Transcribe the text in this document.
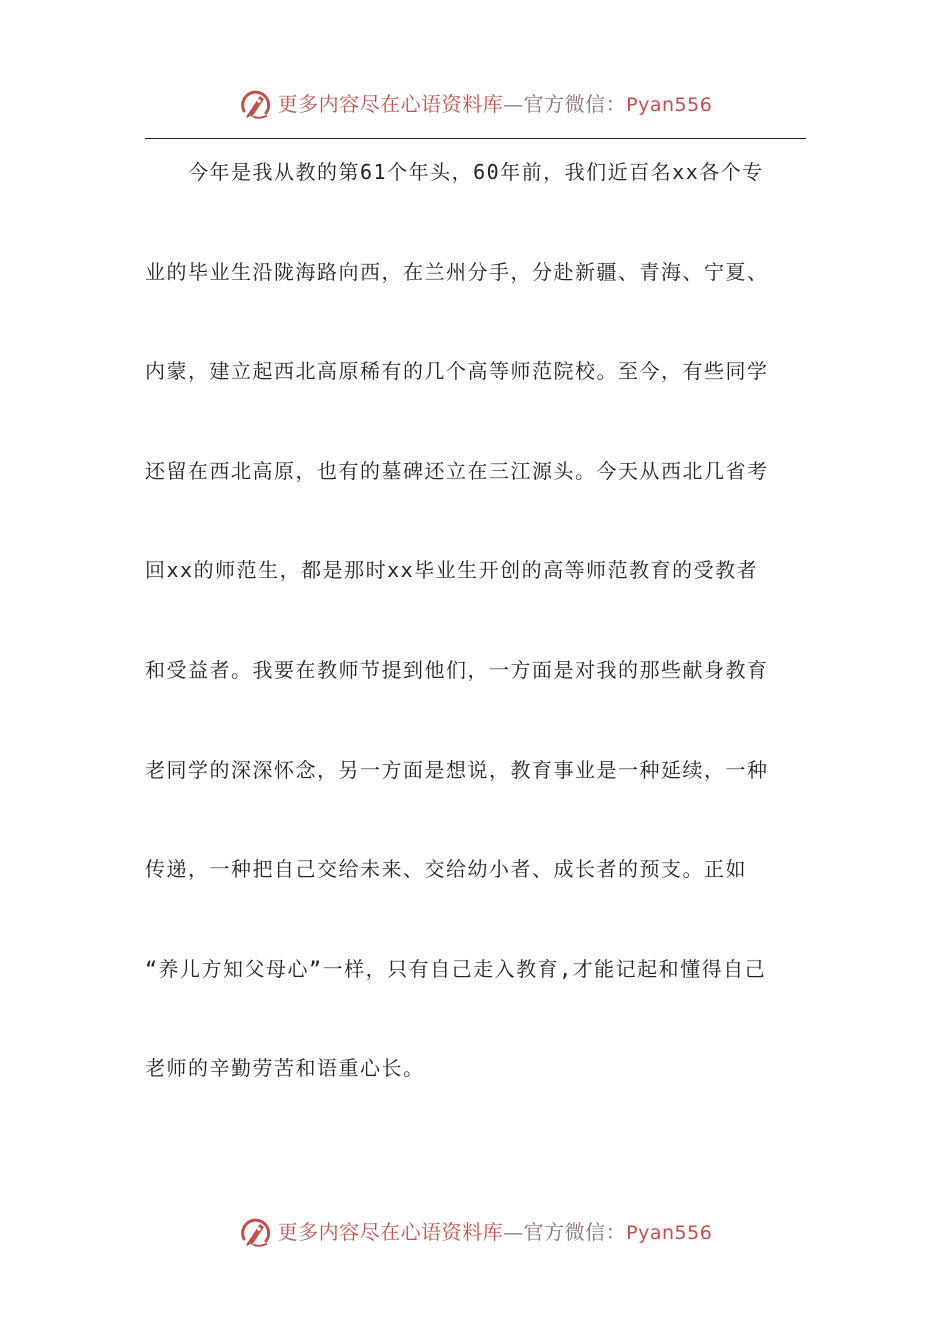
更多内容尽在心语资料库—官方微信：Pyan556
　　今年是我从教的第61个年头，60年前，我们近百名xx各个专
业的毕业生沿陇海路向西，在兰州分手，分赴新疆、青海、宁夏、
内蒙，建立起西北高原稀有的几个高等师范院校。至今，有些同学
还留在西北高原，也有的墓碑还立在三江源头。今天从西北几省考
回xx的师范生，都是那时xx毕业生开创的高等师范教育的受教者
和受益者。我要在教师节提到他们，一方面是对我的那些献身教育
老同学的深深怀念，另一方面是想说，教育事业是一种延续，一种
传递，一种把自己交给未来、交给幼小者、成长者的预支。正如
“养儿方知父母心”一样，只有自己走入教育,才能记起和懂得自己
老师的辛勤劳苦和语重心长。
更多内容尽在心语资料库—官方微信：Pyan556
